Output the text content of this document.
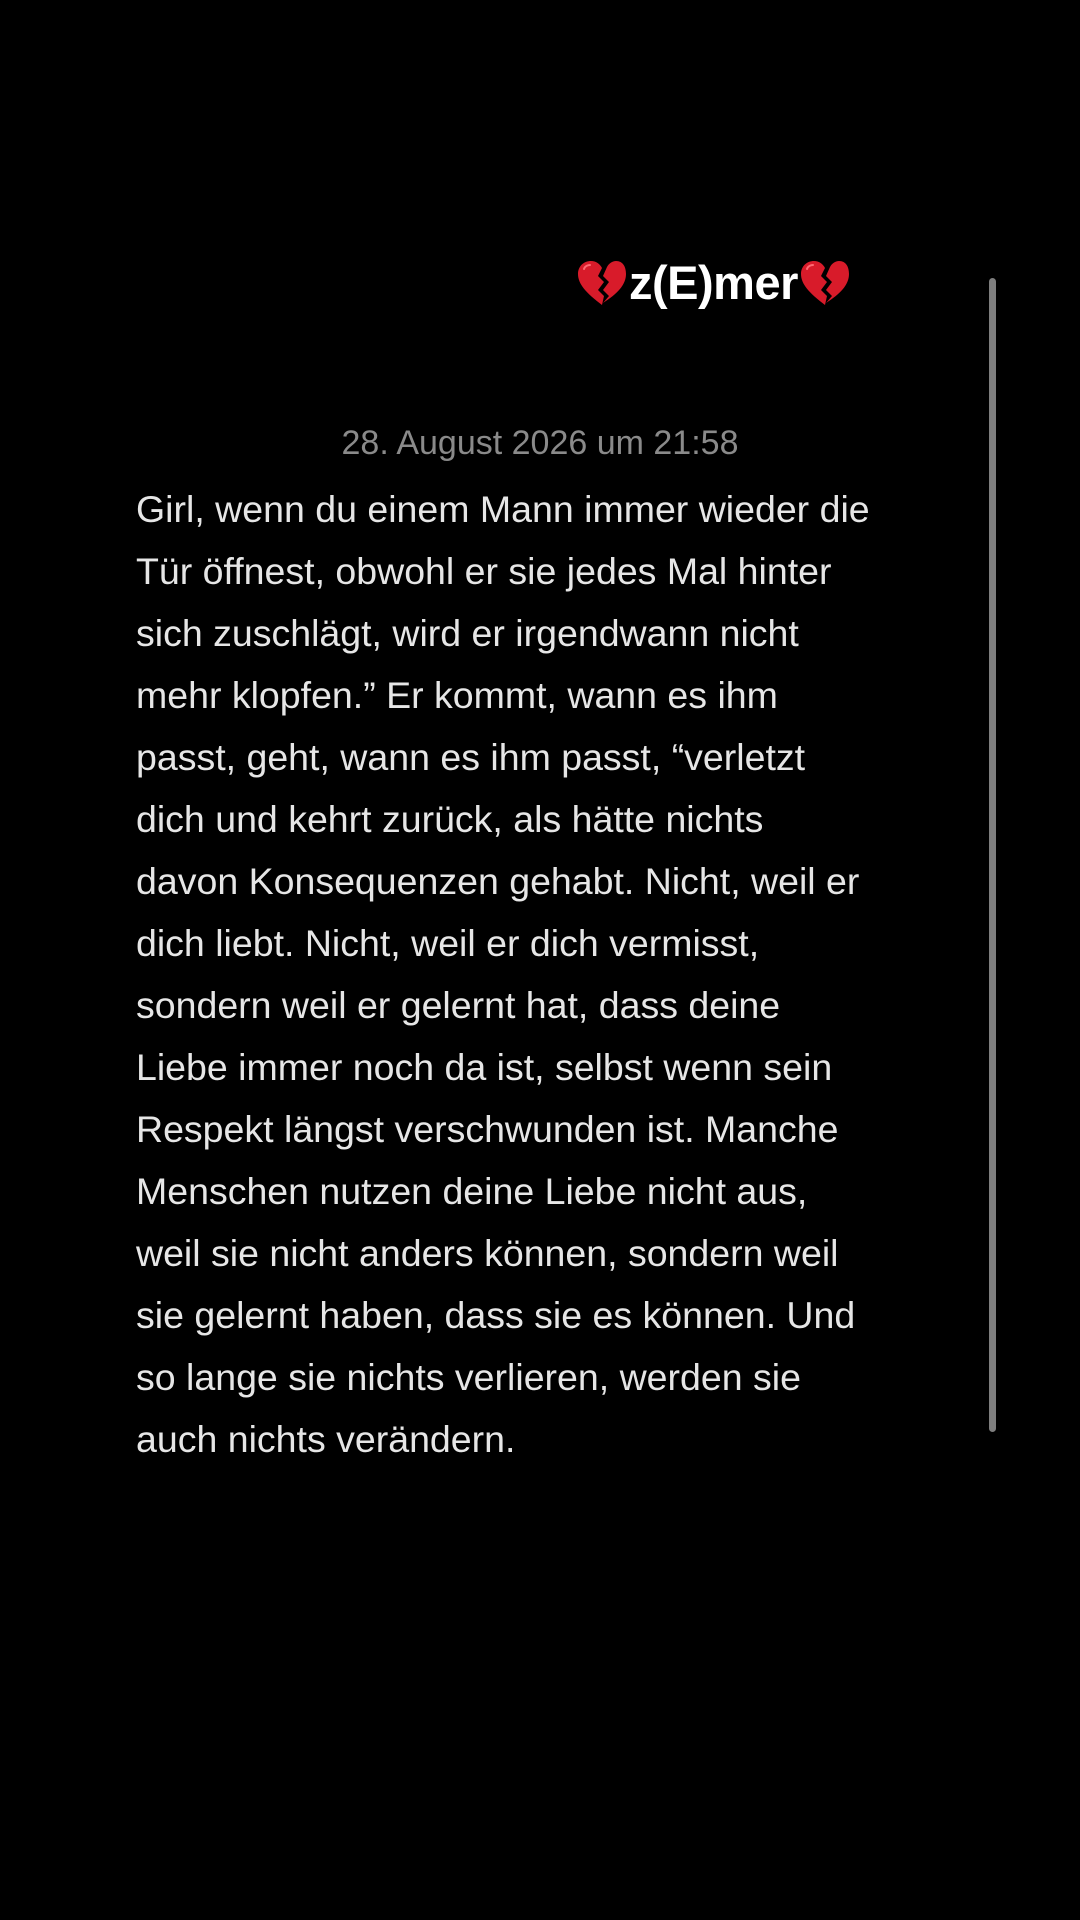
z(E)mer
28. August 2026 um 21:58

Girl, wenn du einem Mann immer wieder die
Tür öffnest, obwohl er sie jedes Mal hinter
sich zuschlägt, wird er irgendwann nicht
mehr klopfen.” Er kommt, wann es ihm
passt, geht, wann es ihm passt, “verletzt
dich und kehrt zurück, als hätte nichts
davon Konsequenzen gehabt. Nicht, weil er
dich liebt. Nicht, weil er dich vermisst,
sondern weil er gelernt hat, dass deine
Liebe immer noch da ist, selbst wenn sein
Respekt längst verschwunden ist. Manche
Menschen nutzen deine Liebe nicht aus,
weil sie nicht anders können, sondern weil
sie gelernt haben, dass sie es können. Und
so lange sie nichts verlieren, werden sie
auch nichts verändern.
